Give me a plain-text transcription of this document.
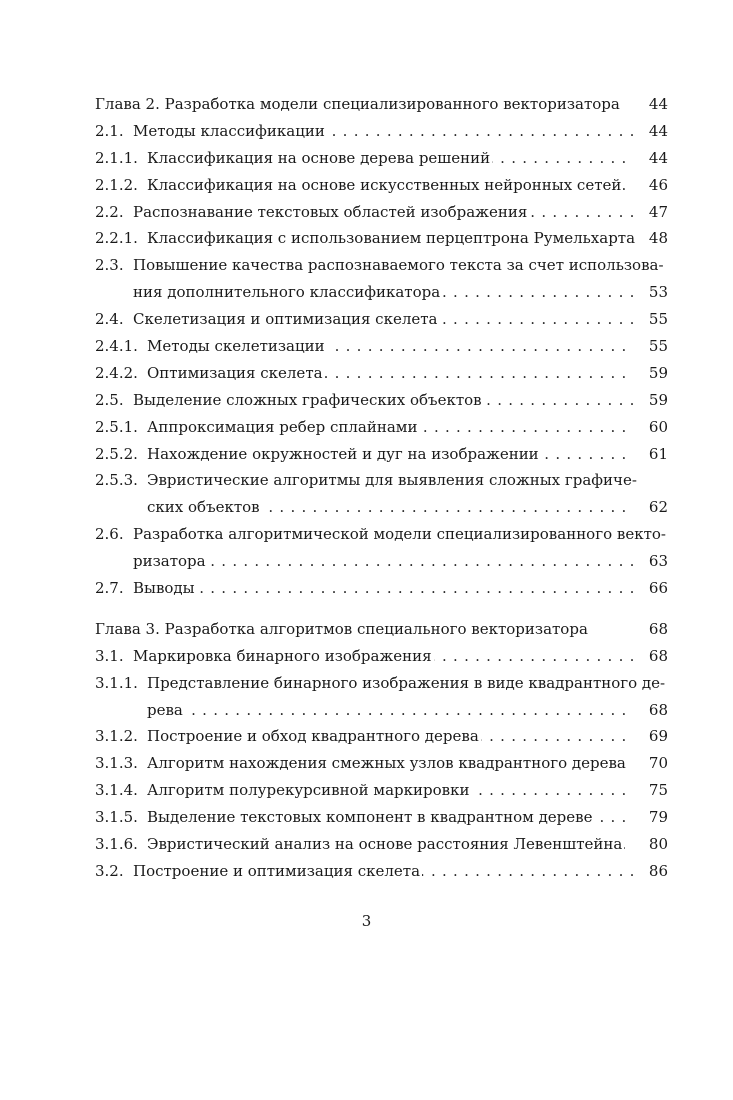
Глава 2. Разработка модели специализированного векторизатора	44
2.1. . . . Методы классификации	44
2.1.1. . . . Классификация на основе дерева решений	44
2.1.2. . . . Классификация на основе искусственных нейронных сетей	46
2.2. . . . Распознавание текстовых областей изображения	47
2.2.1. . . . Классификация с использованием перцептрона Румельхарта 48
2.3. Повышение качества распознаваемого текста за счет использова-
. . .
ния дополнительного классификатора	53
2.4. . . . Скелетизация и оптимизация скелета	55
2.4.1. . . . Методы скелетизации	55
2.4.2. . . . Оптимизация скелета	59
2.5. . . . Выделение сложных графических объектов	59
2.5.1. . . . Аппроксимация ребер сплайнами	60
2.5.2. . . . Нахождение окружностей и дуг на изображении	61
2.5.3. Эвристические алгоритмы для выявления сложных графиче-
. . .
ских объектов	62
2.6. Разработка алгоритмической модели специализированного векто-
. . .
ризатора	63
2.7. . . . Выводы	66
Глава 3. Разработка алгоритмов специального векторизатора	68
3.1. . . . Маркировка бинарного изображения	68
3.1.1. Представление бинарного изображения в виде квадрантного де-
. . .
рева	68
3.1.2. . . . Построение и обход квадрантного дерева	69
3.1.3. . . . Алгоритм нахождения смежных узлов квадрантного дерева	70
3.1.4. . . . Алгоритм полурекурсивной маркировки	75
3.1.5. . . . Выделение текстовых компонент в квадрантном дереве	79
3.1.6. . . . Эвристический анализ на основе расстояния Левенштейна	80
3.2. . . . Построение и оптимизация скелета	86
3
